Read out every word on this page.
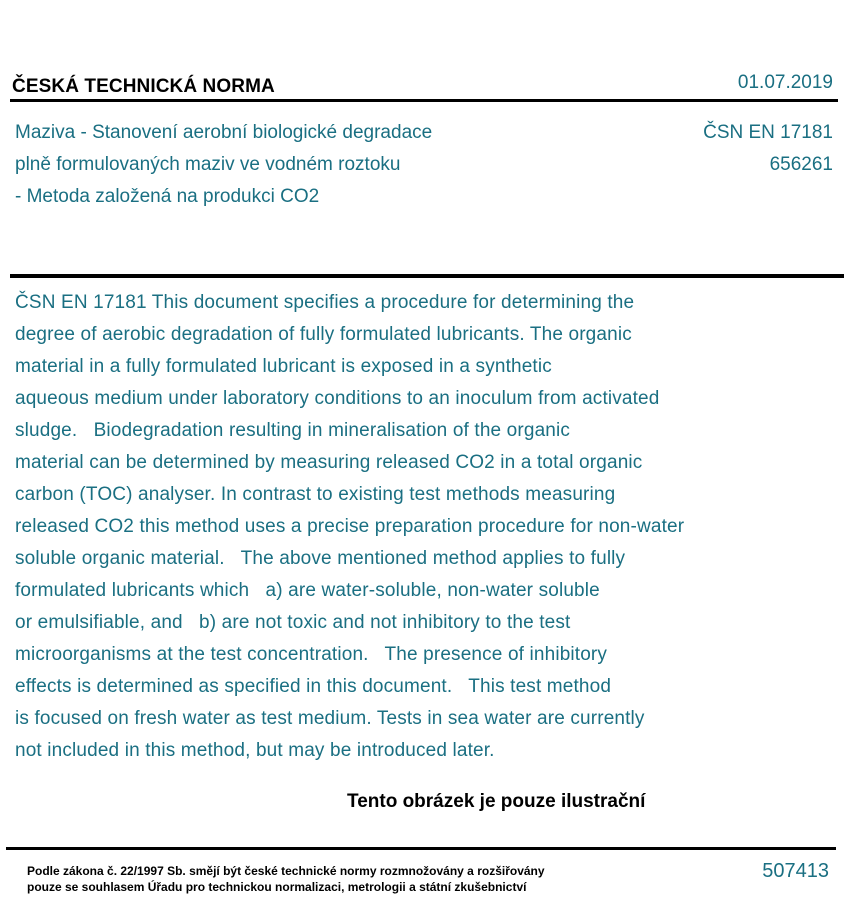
ČESKÁ TECHNICKÁ NORMA	01.07.2019
Maziva - Stanovení aerobní biologické degradace
plně formulovaných maziv ve vodném roztoku
- Metoda založená na produkci CO2
ČSN EN 17181
656261
ČSN EN 17181 This document specifies a procedure for determining the
degree of aerobic degradation of fully formulated lubricants. The organic
material in a fully formulated lubricant is exposed in a synthetic
aqueous medium under laboratory conditions to an inoculum from activated
sludge.   Biodegradation resulting in mineralisation of the organic
material can be determined by measuring released CO2 in a total organic
carbon (TOC) analyser. In contrast to existing test methods measuring
released CO2 this method uses a precise preparation procedure for non-water
soluble organic material.   The above mentioned method applies to fully
formulated lubricants which   a) are water-soluble, non-water soluble
or emulsifiable, and   b) are not toxic and not inhibitory to the test
microorganisms at the test concentration.   The presence of inhibitory
effects is determined as specified in this document.   This test method
is focused on fresh water as test medium. Tests in sea water are currently
not included in this method, but may be introduced later.
Tento obrázek je pouze ilustrační
Podle zákona č. 22/1997 Sb. smějí být české technické normy rozmnožovány a rozšiřovány
pouze se souhlasem Úřadu pro technickou normalizaci, metrologii a státní zkušebnictví
507413
